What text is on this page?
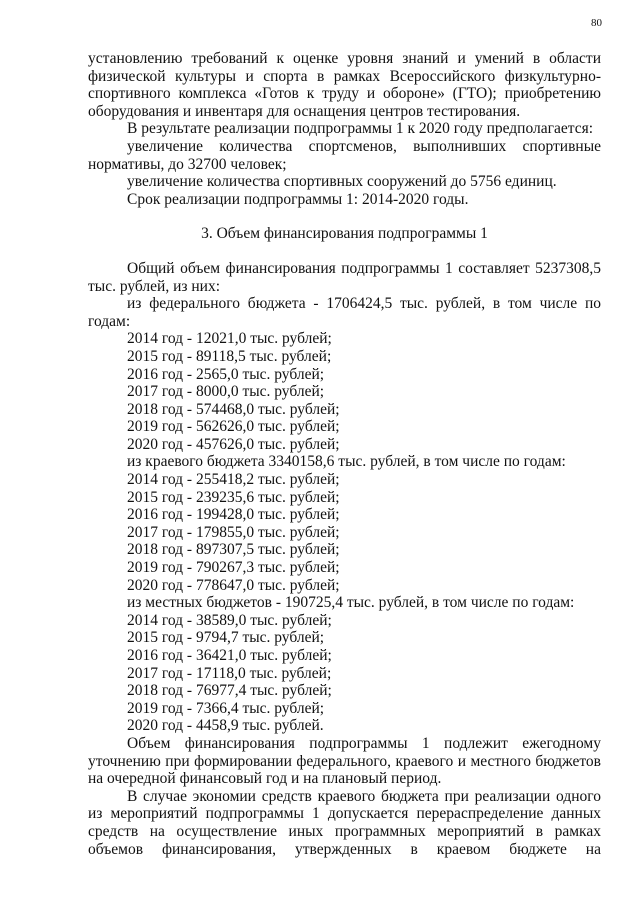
80

установлению требований к оценке уровня знаний и умений в области физической культуры и спорта в рамках Всероссийского физкультурно-спортивного комплекса «Готов к труду и обороне» (ГТО); приобретению оборудования и инвентаря для оснащения центров тестирования.

В результате реализации подпрограммы 1 к 2020 году предполагается:

увеличение количества спортсменов, выполнивших спортивные нормативы, до 32700 человек;

увеличение количества спортивных сооружений до 5756 единиц.

Срок реализации подпрограммы 1: 2014-2020 годы.

3. Объем финансирования подпрограммы 1

Общий объем финансирования подпрограммы 1 составляет 5237308,5 тыс. рублей, из них:

из федерального бюджета - 1706424,5 тыс. рублей, в том числе по годам:

2014 год - 12021,0 тыс. рублей;

2015 год - 89118,5 тыс. рублей;

2016 год - 2565,0 тыс. рублей;

2017 год - 8000,0 тыс. рублей;

2018 год - 574468,0 тыс. рублей;

2019 год - 562626,0 тыс. рублей;

2020 год - 457626,0 тыс. рублей;

из краевого бюджета 3340158,6 тыс. рублей, в том числе по годам:

2014 год - 255418,2 тыс. рублей;

2015 год - 239235,6 тыс. рублей;

2016 год - 199428,0 тыс. рублей;

2017 год - 179855,0 тыс. рублей;

2018 год - 897307,5 тыс. рублей;

2019 год - 790267,3 тыс. рублей;

2020 год - 778647,0 тыс. рублей;

из местных бюджетов - 190725,4 тыс. рублей, в том числе по годам:

2014 год - 38589,0 тыс. рублей;

2015 год - 9794,7 тыс. рублей;

2016 год - 36421,0 тыс. рублей;

2017 год - 17118,0 тыс. рублей;

2018 год - 76977,4 тыс. рублей;

2019 год - 7366,4 тыс. рублей;

2020 год - 4458,9 тыс. рублей.

Объем финансирования подпрограммы 1 подлежит ежегодному уточнению при формировании федерального, краевого и местного бюджетов на очередной финансовый год и на плановый период.

В случае экономии средств краевого бюджета при реализации одного из мероприятий подпрограммы 1 допускается перераспределение данных средств на осуществление иных программных мероприятий в рамках объемов финансирования, утвержденных в краевом бюджете на
